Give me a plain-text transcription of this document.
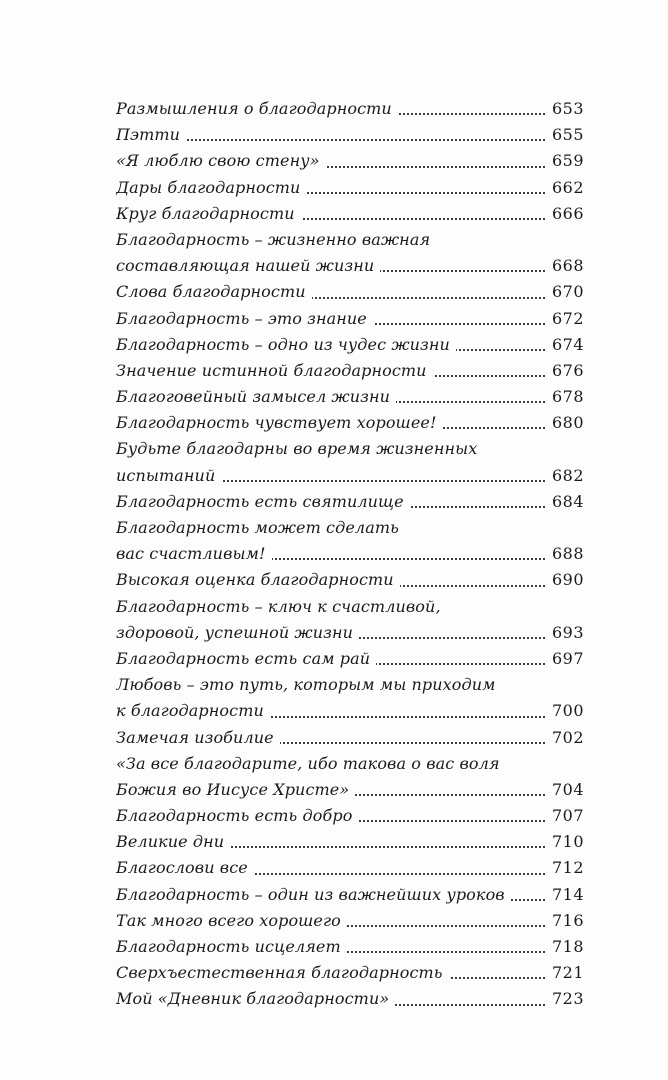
Размышления о благодарности	653
Пэтти	655
«Я люблю свою стену»	659
Дары благодарности	662
Круг благодарности	666
Благодарность – жизненно важная
составляющая нашей жизни	668
Слова благодарности	670
Благодарность – это знание	672
Благодарность – одно из чудес жизни	674
Значение истинной благодарности	676
Благоговейный замысел жизни	678
Благодарность чувствует хорошее!	680
Будьте благодарны во время жизненных
испытаний	682
Благодарность есть святилище	684
Благодарность может сделать
вас счастливым!	688
Высокая оценка благодарности	690
Благодарность – ключ к счастливой,
здоровой, успешной жизни	693
Благодарность есть сам рай	697
Любовь – это путь, которым мы приходим
к благодарности	700
Замечая изобилие	702
«За все благодарите, ибо такова о вас воля
Божия во Иисусе Христе»	704
Благодарность есть добро	707
Великие дни	710
Благослови все	712
Благодарность – один из важнейших уроков	714
Так много всего хорошего	716
Благодарность исцеляет	718
Сверхъестественная благодарность	721
Мой «Дневник благодарности»	723
